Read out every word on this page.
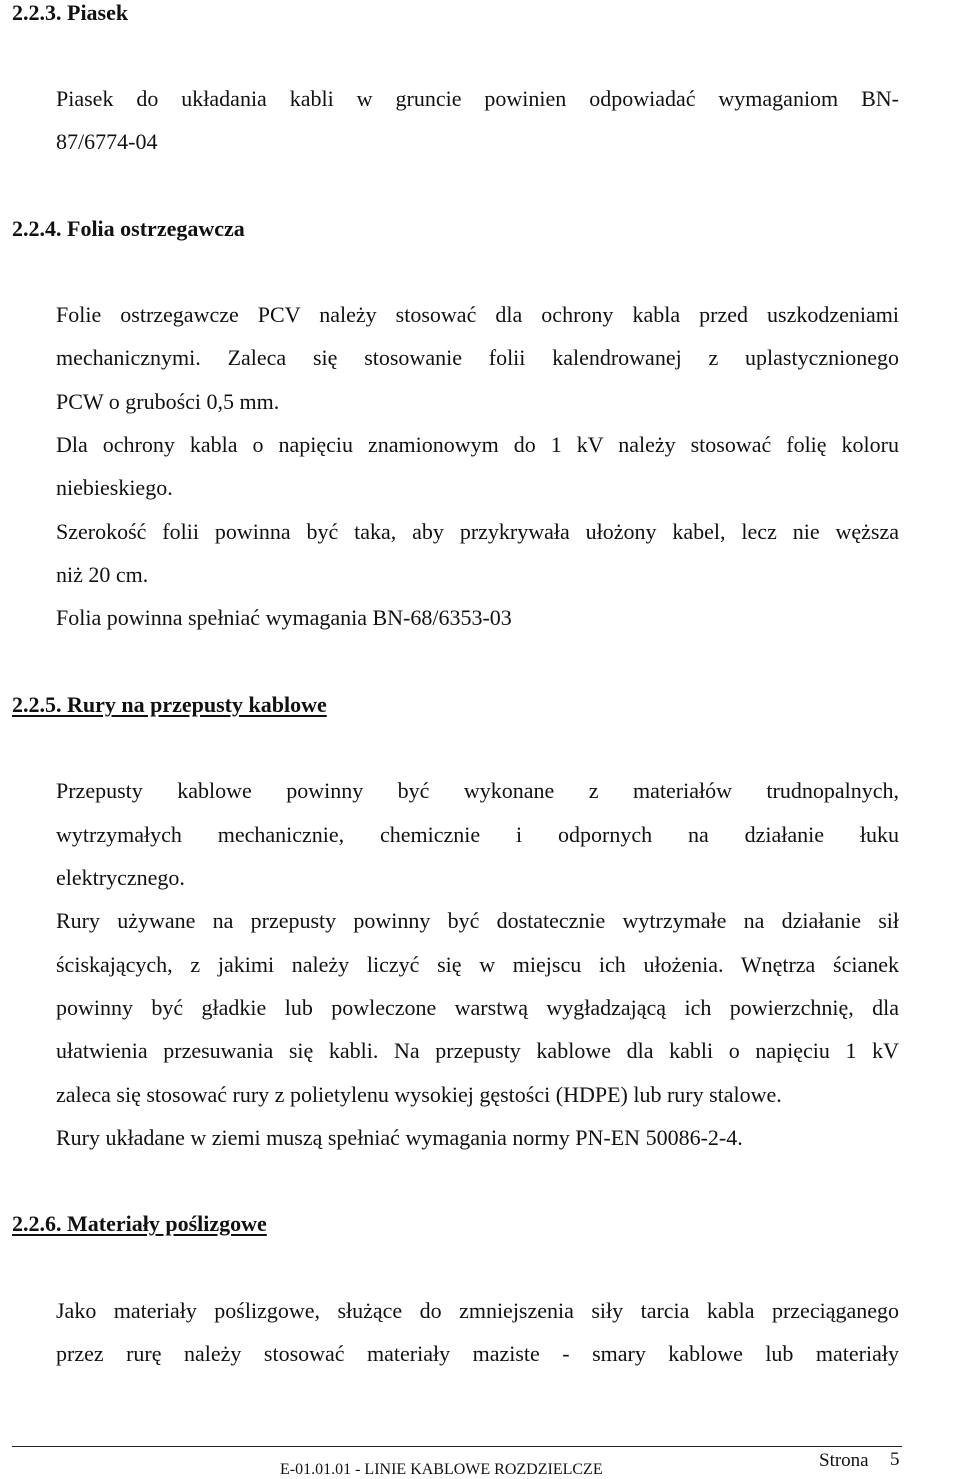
2.2.3. Piasek
Piasek do układania kabli w gruncie powinien odpowiadać wymaganiom BN-
87/6774-04
2.2.4. Folia ostrzegawcza
Folie ostrzegawcze PCV należy stosować dla ochrony kabla przed uszkodzeniami
mechanicznymi. Zaleca się stosowanie folii kalendrowanej z uplastycznionego
PCW o grubości 0,5 mm.
Dla ochrony kabla o napięciu znamionowym do 1 kV należy stosować folię koloru
niebieskiego.
Szerokość folii powinna być taka, aby przykrywała ułożony kabel, lecz nie węższa
niż 20 cm.
Folia powinna spełniać wymagania BN-68/6353-03
2.2.5. Rury na przepusty kablowe
Przepusty kablowe powinny być wykonane z materiałów trudnopalnych,
wytrzymałych mechanicznie, chemicznie i odpornych na działanie łuku
elektrycznego.
Rury używane na przepusty powinny być dostatecznie wytrzymałe na działanie sił
ściskających, z jakimi należy liczyć się w miejscu ich ułożenia. Wnętrza ścianek
powinny być gładkie lub powleczone warstwą wygładzającą ich powierzchnię, dla
ułatwienia przesuwania się kabli. Na przepusty kablowe dla kabli o napięciu 1 kV
zaleca się stosować rury z polietylenu wysokiej gęstości (HDPE) lub rury stalowe.
Rury układane w ziemi muszą spełniać wymagania normy PN-EN 50086-2-4.
2.2.6. Materiały poślizgowe
Jako materiały poślizgowe, służące do zmniejszenia siły tarcia kabla przeciąganego
przez rurę należy stosować materiały maziste - smary kablowe lub materiały
E-01.01.01 - LINIE KABLOWE ROZDZIELCZE	Strona 5
